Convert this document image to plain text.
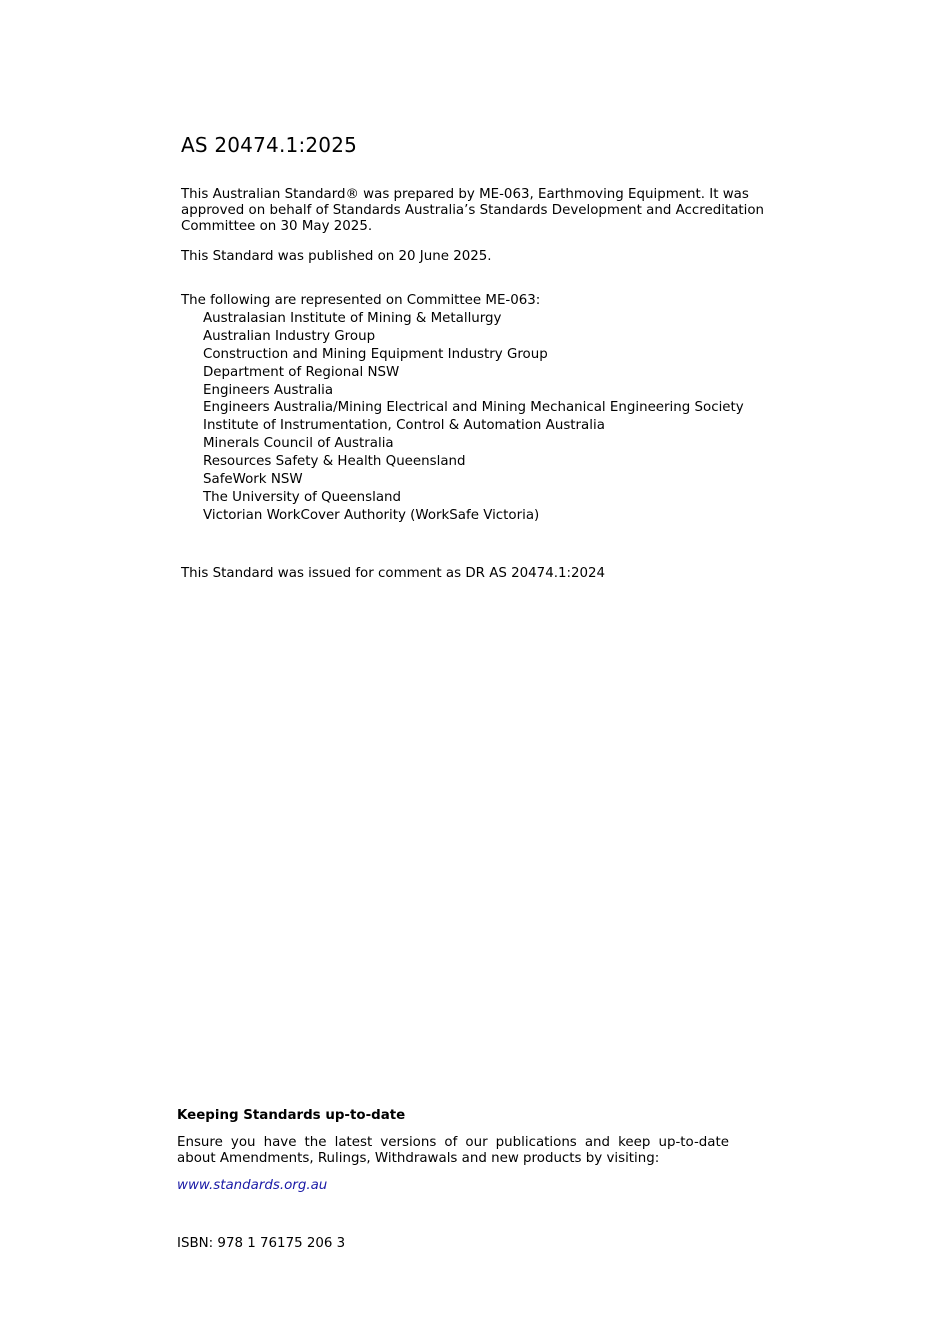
AS 20474.1:2025

This Australian Standard® was prepared by ME-063, Earthmoving Equipment. It was approved on behalf of Standards Australia’s Standards Development and Accreditation Committee on 30 May 2025.

This Standard was published on 20 June 2025.

The following are represented on Committee ME-063:
Australasian Institute of Mining & Metallurgy
Australian Industry Group
Construction and Mining Equipment Industry Group
Department of Regional NSW
Engineers Australia
Engineers Australia/Mining Electrical and Mining Mechanical Engineering Society
Institute of Instrumentation, Control & Automation Australia
Minerals Council of Australia
Resources Safety & Health Queensland
SafeWork NSW
The University of Queensland
Victorian WorkCover Authority (WorkSafe Victoria)

This Standard was issued for comment as DR AS 20474.1:2024

Keeping Standards up-to-date
Ensure you have the latest versions of our publications and keep up-to-date about Amendments, Rulings, Withdrawals and new products by visiting:
www.standards.org.au
ISBN: 978 1 76175 206 3
